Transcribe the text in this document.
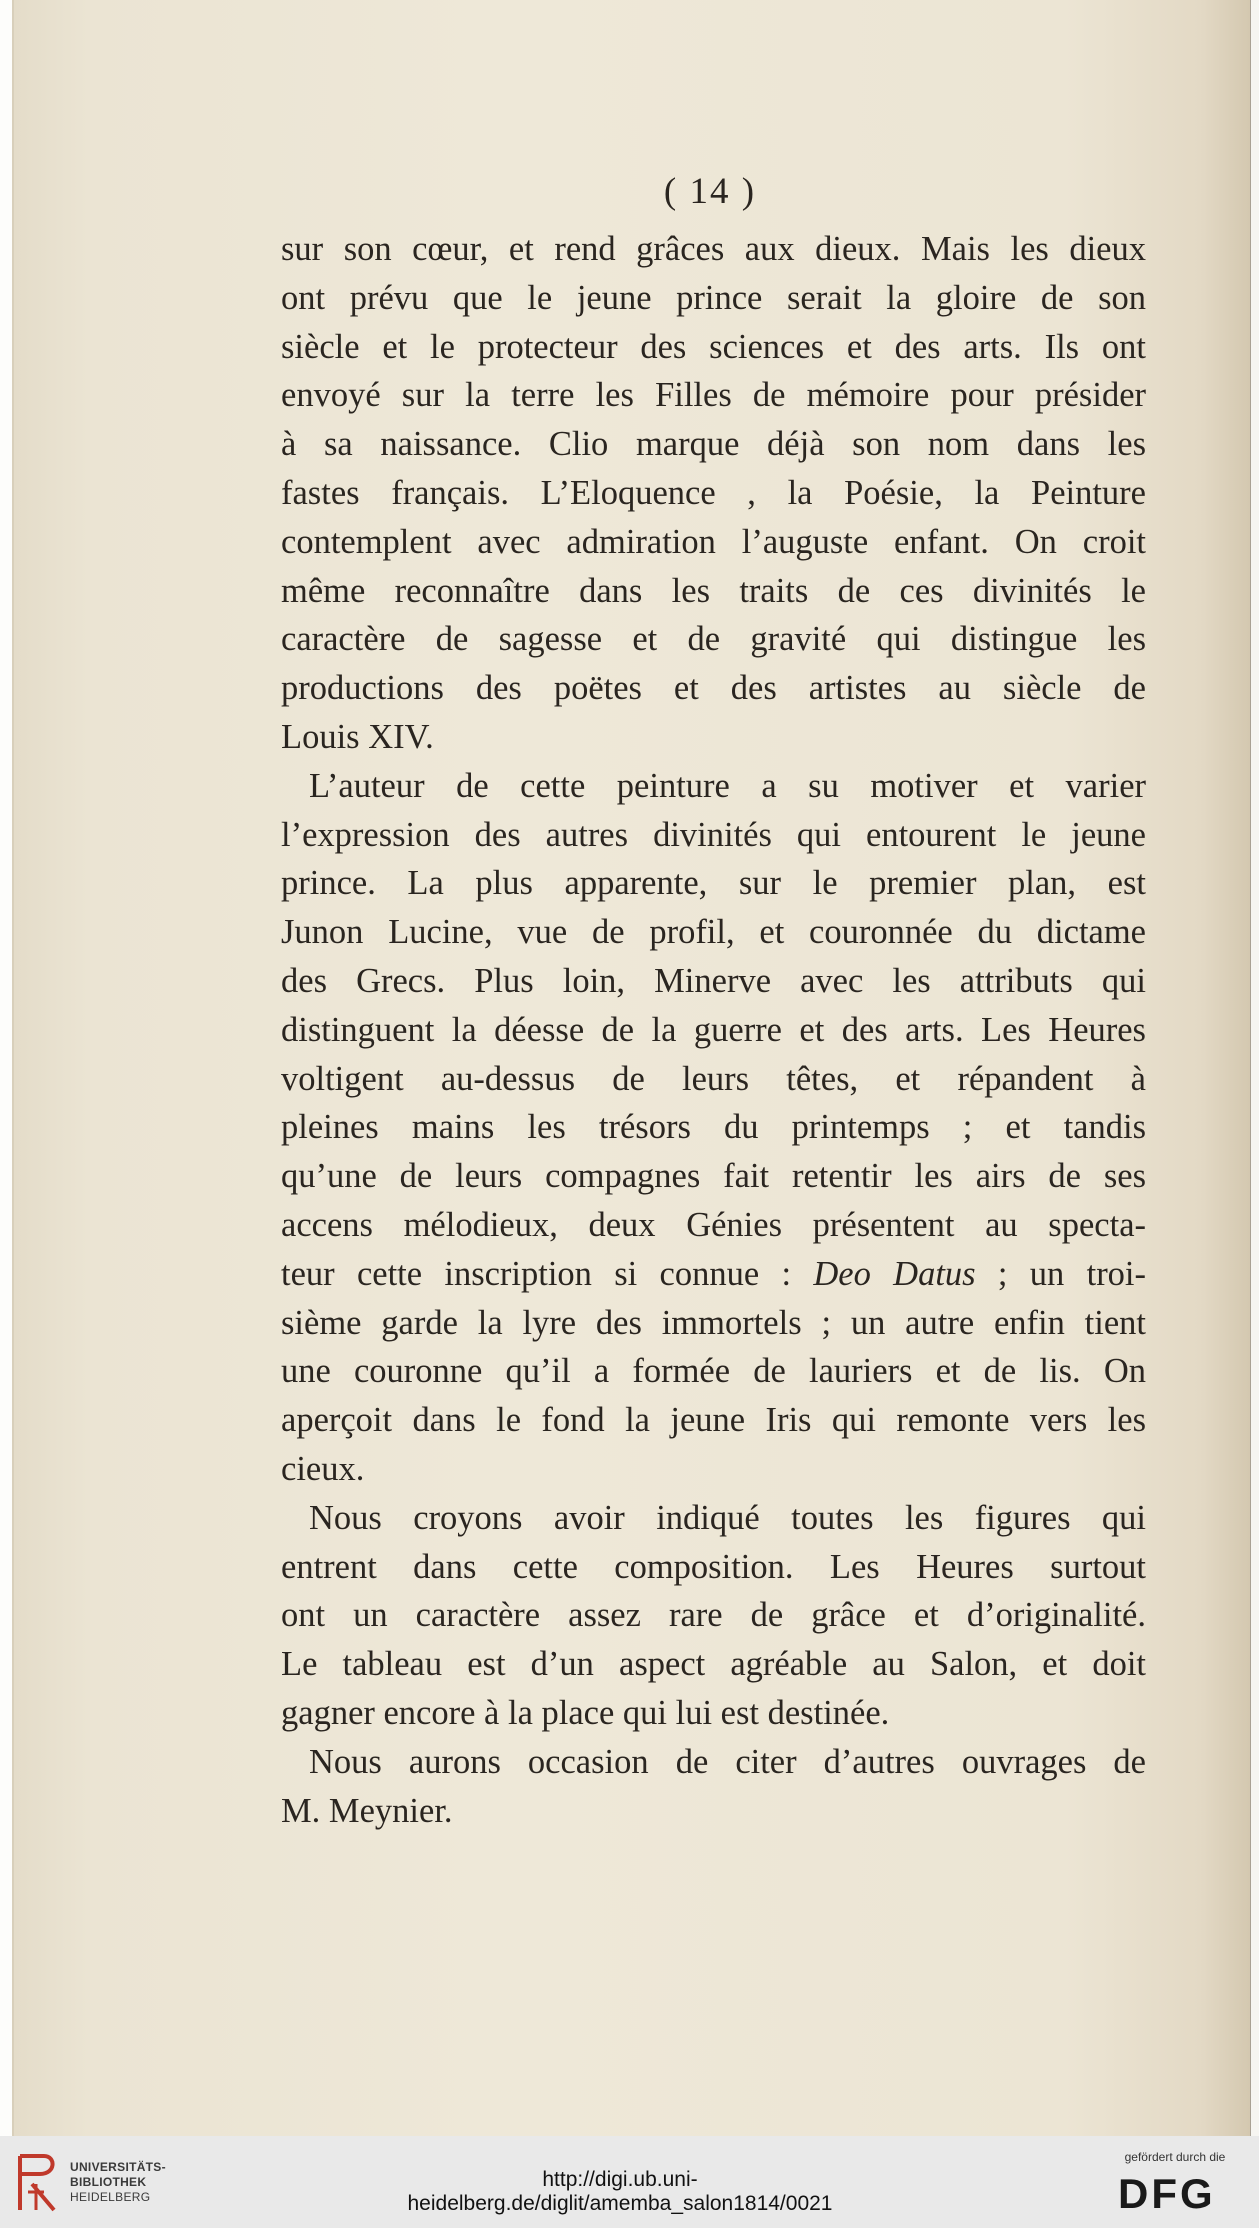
( 14 )
sur son cœur, et rend grâces aux dieux. Mais les dieux
ont prévu que le jeune prince serait la gloire de son
siècle et le protecteur des sciences et des arts. Ils ont
envoyé sur la terre les Filles de mémoire pour présider
à sa naissance. Clio marque déjà son nom dans les
fastes français. L’Eloquence , la Poésie, la Peinture
contemplent avec admiration l’auguste enfant. On croit
même reconnaître dans les traits de ces divinités le
caractère de sagesse et de gravité qui distingue les
productions des poëtes et des artistes au siècle de
Louis XIV.
L’auteur de cette peinture a su motiver et varier
l’expression des autres divinités qui entourent le jeune
prince. La plus apparente, sur le premier plan, est
Junon Lucine, vue de profil, et couronnée du dictame
des Grecs. Plus loin, Minerve avec les attributs qui
distinguent la déesse de la guerre et des arts. Les Heures
voltigent au-dessus de leurs têtes, et répandent à
pleines mains les trésors du printemps ; et tandis
qu’une de leurs compagnes fait retentir les airs de ses
accens mélodieux, deux Génies présentent au specta-
teur cette inscription si connue : Deo Datus ; un troi-
sième garde la lyre des immortels ; un autre enfin tient
une couronne qu’il a formée de lauriers et de lis. On
aperçoit dans le fond la jeune Iris qui remonte vers les
cieux.
Nous croyons avoir indiqué toutes les figures qui
entrent dans cette composition. Les Heures surtout
ont un caractère assez rare de grâce et d’originalité.
Le tableau est d’un aspect agréable au Salon, et doit
gagner encore à la place qui lui est destinée.
Nous aurons occasion de citer d’autres ouvrages de
M. Meynier.
UNIVERSITÄTS-
BIBLIOTHEK
HEIDELBERG
http://digi.ub.uni-heidelberg.de/diglit/amemba_salon1814/0021
gefördert durch die
DFG
